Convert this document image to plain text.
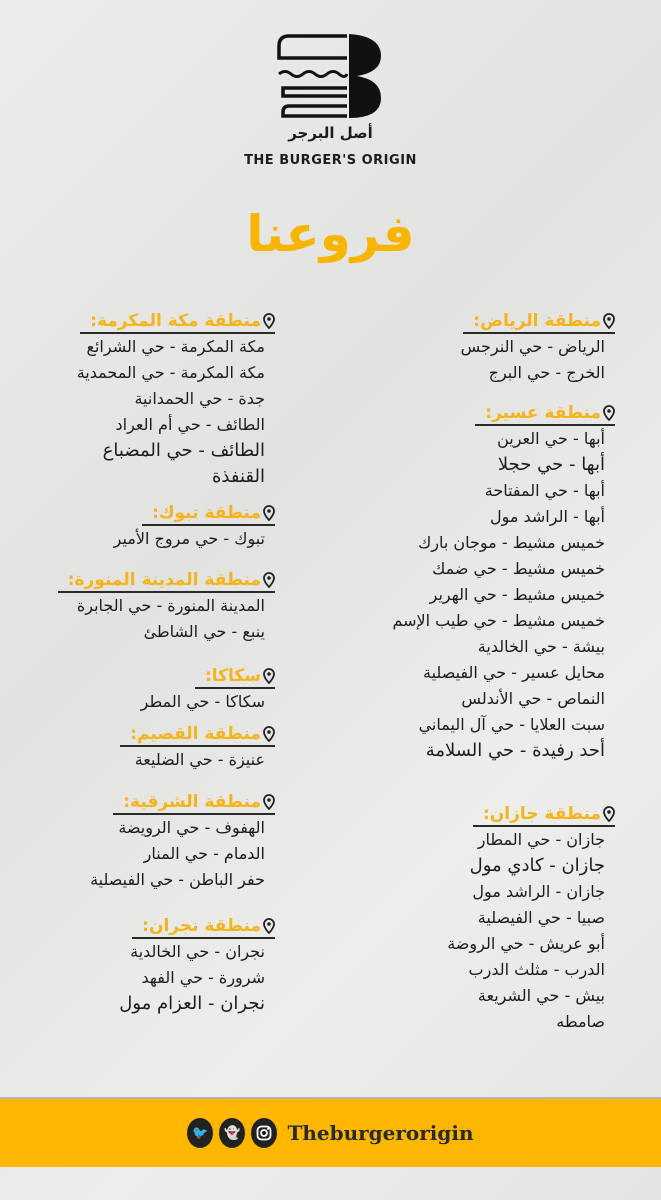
أصل البرجر
THE BURGER'S ORIGIN
فروعنا
منطقة الرياض:
الرياض - حي النرجس
الخرج - حي البرج
منطقة عسير:
أبها - حي العرين
أبها - حي حجلا
أبها - حي المفتاحة
أبها - الراشد مول
خميس مشيط - موجان بارك
خميس مشيط - حي ضمك
خميس مشيط - حي الهرير
خميس مشيط - حي طيب الإسم
بيشة - حي الخالدية
محايل عسير - حي الفيصلية
النماص - حي الأندلس
سبت العلايا - حي آل اليماني
أحد رفيدة - حي السلامة
منطقة جازان:
جازان - حي المطار
جازان - كادي مول
جازان - الراشد مول
صبيا - حي الفيصلية
أبو عريش - حي الروضة
الدرب - مثلث الدرب
بيش - حي الشريعة
صامطه
منطقة مكة المكرمة:
مكة المكرمة - حي الشرائع
مكة المكرمة - حي المحمدية
جدة - حي الحمدانية
الطائف - حي أم العراد
الطائف - حي المضباع
القنفذة
منطقة تبوك:
تبوك - حي مروج الأمير
منطقة المدينة المنورة:
المدينة المنورة - حي الجابرة
ينبع - حي الشاطئ
سكاكا:
سكاكا - حي المطر
منطقة القصيم:
عنيزة - حي الضليعة
منطقة الشرقية:
الهفوف - حي الرويضة
الدمام - حي المنار
حفر الباطن - حي الفيصلية
منطقة نجران:
نجران - حي الخالدية
شرورة - حي الفهد
نجران - العزام مول
🐦	👻 Theburgerorigin
